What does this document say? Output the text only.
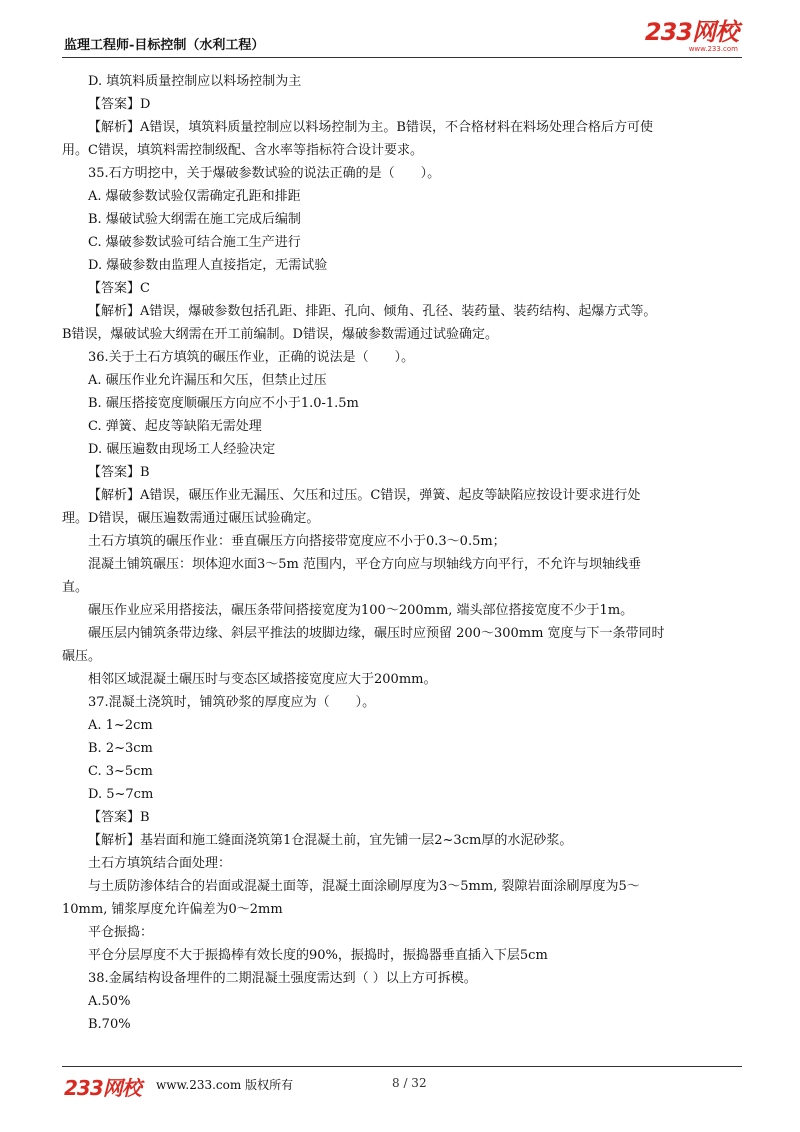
监理工程师-目标控制（水利工程）	233网校
www.233.com
D. 填筑料质量控制应以料场控制为主
【答案】D
【解析】A错误，填筑料质量控制应以料场控制为主。B错误，不合格材料在料场处理合格后方可使
用。C错误，填筑料需控制级配、含水率等指标符合设计要求。
35.石方明挖中，关于爆破参数试验的说法正确的是（　　）。
A. 爆破参数试验仅需确定孔距和排距
B. 爆破试验大纲需在施工完成后编制
C. 爆破参数试验可结合施工生产进行
D. 爆破参数由监理人直接指定，无需试验
【答案】C
【解析】A错误，爆破参数包括孔距、排距、孔向、倾角、孔径、装药量、装药结构、起爆方式等。
B错误，爆破试验大纲需在开工前编制。D错误，爆破参数需通过试验确定。
36.关于土石方填筑的碾压作业，正确的说法是（　　）。
A. 碾压作业允许漏压和欠压，但禁止过压
B. 碾压搭接宽度顺碾压方向应不小于1.0-1.5m
C. 弹簧、起皮等缺陷无需处理
D. 碾压遍数由现场工人经验决定
【答案】B
【解析】A错误，碾压作业无漏压、欠压和过压。C错误，弹簧、起皮等缺陷应按设计要求进行处
理。D错误，碾压遍数需通过碾压试验确定。
土石方填筑的碾压作业：垂直碾压方向搭接带宽度应不小于0.3～0.5m；
混凝土铺筑碾压：坝体迎水面3～5m 范围内，平仓方向应与坝轴线方向平行，不允许与坝轴线垂
直。
碾压作业应采用搭接法，碾压条带间搭接宽度为100～200mm, 端头部位搭接宽度不少于1m。
碾压层内铺筑条带边缘、斜层平推法的坡脚边缘，碾压时应预留 200～300mm 宽度与下一条带同时
碾压。
相邻区域混凝土碾压时与变态区域搭接宽度应大于200mm。
37.混凝土浇筑时，铺筑砂浆的厚度应为（　　）。
A. 1~2cm
B. 2~3cm
C. 3~5cm
D. 5~7cm
【答案】B
【解析】基岩面和施工缝面浇筑第1仓混凝土前，宜先铺一层2~3cm厚的水泥砂浆。
土石方填筑结合面处理：
与土质防渗体结合的岩面或混凝土面等，混凝土面涂刷厚度为3～5mm, 裂隙岩面涂刷厚度为5～
10mm, 铺浆厚度允许偏差为0～2mm
平仓振捣：
平仓分层厚度不大于振捣棒有效长度的90%，振捣时，振捣器垂直插入下层5cm
38.金属结构设备埋件的二期混凝土强度需达到（ ）以上方可拆模。
A.50%
B.70%
233网校 www.233.com 版权所有	8 / 32
